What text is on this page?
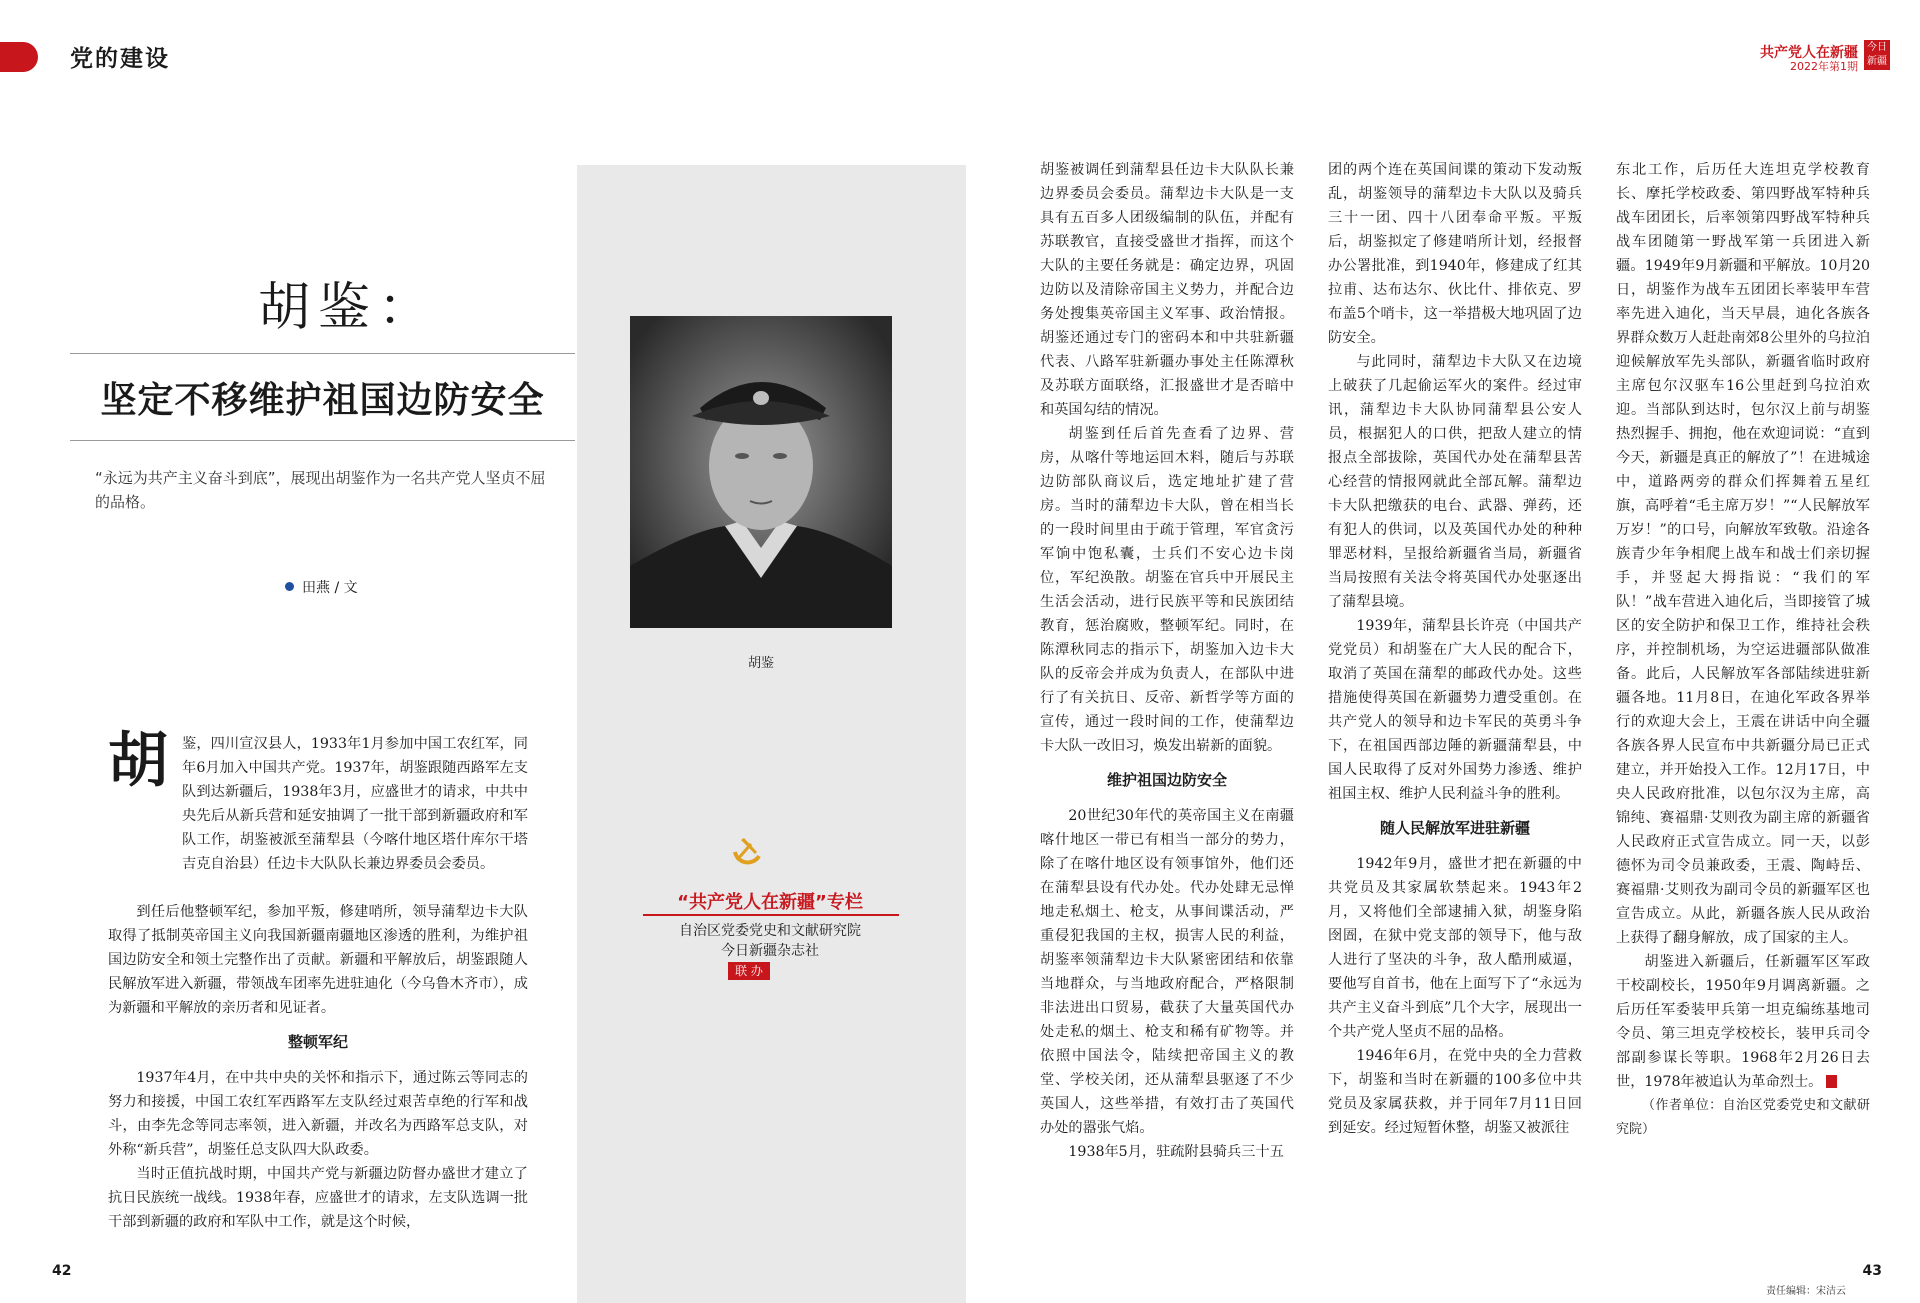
党的建设	共产党人在新疆
2022年第1期
今日
新疆
胡鉴：
坚定不移维护祖国边防安全
“永远为共产主义奋斗到底”，展现出胡鉴作为一名共产党人坚贞不屈的品格。
田燕 / 文
胡鉴
“共产党人在新疆”专栏
自治区党委党史和文献研究院
今日新疆杂志社
联 办
胡 鉴，四川宣汉县人，1933年1月参加中国工农红军，同年6月加入中国共产党。1937年，胡鉴跟随西路军左支队到达新疆后，1938年3月，应盛世才的请求，中共中央先后从新兵营和延安抽调了一批干部到新疆政府和军队工作，胡鉴被派至蒲犁县（今喀什地区塔什库尔干塔吉克自治县）任边卡大队队长兼边界委员会委员。

到任后他整顿军纪，参加平叛，修建哨所，领导蒲犁边卡大队取得了抵制英帝国主义向我国新疆南疆地区渗透的胜利，为维护祖国边防安全和领土完整作出了贡献。新疆和平解放后，胡鉴跟随人民解放军进入新疆，带领战车团率先进驻迪化（今乌鲁木齐市），成为新疆和平解放的亲历者和见证者。

整顿军纪

1937年4月，在中共中央的关怀和指示下，通过陈云等同志的努力和接援，中国工农红军西路军左支队经过艰苦卓绝的行军和战斗，由李先念等同志率领，进入新疆，并改名为西路军总支队，对外称“新兵营”，胡鉴任总支队四大队政委。

当时正值抗战时期，中国共产党与新疆边防督办盛世才建立了抗日民族统一战线。1938年春，应盛世才的请求，左支队选调一批干部到新疆的政府和军队中工作，就是这个时候，

胡鉴被调任到蒲犁县任边卡大队队长兼边界委员会委员。蒲犁边卡大队是一支具有五百多人团级编制的队伍，并配有苏联教官，直接受盛世才指挥，而这个大队的主要任务就是：确定边界，巩固边防以及清除帝国主义势力，并配合边务处搜集英帝国主义军事、政治情报。胡鉴还通过专门的密码本和中共驻新疆代表、八路军驻新疆办事处主任陈潭秋及苏联方面联络，汇报盛世才是否暗中和英国勾结的情况。

胡鉴到任后首先查看了边界、营房，从喀什等地运回木料，随后与苏联边防部队商议后，选定地址扩建了营房。当时的蒲犁边卡大队，曾在相当长的一段时间里由于疏于管理，军官贪污军饷中饱私囊，士兵们不安心边卡岗位，军纪涣散。胡鉴在官兵中开展民主生活会活动，进行民族平等和民族团结教育，惩治腐败，整顿军纪。同时，在陈潭秋同志的指示下，胡鉴加入边卡大队的反帝会并成为负责人，在部队中进行了有关抗日、反帝、新哲学等方面的宣传，通过一段时间的工作，使蒲犁边卡大队一改旧习，焕发出崭新的面貌。

维护祖国边防安全

20世纪30年代的英帝国主义在南疆喀什地区一带已有相当一部分的势力，除了在喀什地区设有领事馆外，他们还在蒲犁县设有代办处。代办处肆无忌惮地走私烟土、枪支，从事间谍活动，严重侵犯我国的主权，损害人民的利益，胡鉴率领蒲犁边卡大队紧密团结和依靠当地群众，与当地政府配合，严格限制非法进出口贸易，截获了大量英国代办处走私的烟土、枪支和稀有矿物等。并依照中国法令，陆续把帝国主义的教堂、学校关闭，还从蒲犁县驱逐了不少英国人，这些举措，有效打击了英国代办处的嚣张气焰。

1938年5月，驻疏附县骑兵三十五

团的两个连在英国间谍的策动下发动叛乱，胡鉴领导的蒲犁边卡大队以及骑兵三十一团、四十八团奉命平叛。平叛后，胡鉴拟定了修建哨所计划，经报督办公署批准，到1940年，修建成了红其拉甫、达布达尔、伙比什、排依克、罗布盖5个哨卡，这一举措极大地巩固了边防安全。

与此同时，蒲犁边卡大队又在边境上破获了几起偷运军火的案件。经过审讯，蒲犁边卡大队协同蒲犁县公安人员，根据犯人的口供，把敌人建立的情报点全部拔除，英国代办处在蒲犁县苦心经营的情报网就此全部瓦解。蒲犁边卡大队把缴获的电台、武器、弹药，还有犯人的供词，以及英国代办处的种种罪恶材料，呈报给新疆省当局，新疆省当局按照有关法令将英国代办处驱逐出了蒲犁县境。

1939年，蒲犁县长许亮（中国共产党党员）和胡鉴在广大人民的配合下，取消了英国在蒲犁的邮政代办处。这些措施使得英国在新疆势力遭受重创。在共产党人的领导和边卡军民的英勇斗争下，在祖国西部边陲的新疆蒲犁县，中国人民取得了反对外国势力渗透、维护祖国主权、维护人民利益斗争的胜利。

随人民解放军进驻新疆

1942年9月，盛世才把在新疆的中共党员及其家属软禁起来。1943年2月，又将他们全部逮捕入狱，胡鉴身陷囹圄，在狱中党支部的领导下，他与敌人进行了坚决的斗争，敌人酷刑威逼，要他写自首书，他在上面写下了“永远为共产主义奋斗到底”几个大字，展现出一个共产党人坚贞不屈的品格。

1946年6月，在党中央的全力营救下，胡鉴和当时在新疆的100多位中共党员及家属获救，并于同年7月11日回到延安。经过短暂休整，胡鉴又被派往

东北工作，后历任大连坦克学校教育长、摩托学校政委、第四野战军特种兵战车团团长，后率领第四野战军特种兵战车团随第一野战军第一兵团进入新疆。1949年9月新疆和平解放。10月20日，胡鉴作为战车五团团长率装甲车营率先进入迪化，当天早晨，迪化各族各界群众数万人赶赴南郊8公里外的乌拉泊迎候解放军先头部队，新疆省临时政府主席包尔汉驱车16公里赶到乌拉泊欢迎。当部队到达时，包尔汉上前与胡鉴热烈握手、拥抱，他在欢迎词说：“直到今天，新疆是真正的解放了”！在进城途中，道路两旁的群众们挥舞着五星红旗，高呼着“毛主席万岁！”“人民解放军万岁！”的口号，向解放军致敬。沿途各族青少年争相爬上战车和战士们亲切握手，并竖起大拇指说：“我们的军队！”战车营进入迪化后，当即接管了城区的安全防护和保卫工作，维持社会秩序，并控制机场，为空运进疆部队做准备。此后，人民解放军各部陆续进驻新疆各地。11月8日，在迪化军政各界举行的欢迎大会上，王震在讲话中向全疆各族各界人民宣布中共新疆分局已正式建立，并开始投入工作。12月17日，中央人民政府批准，以包尔汉为主席，高锦纯、赛福鼎·艾则孜为副主席的新疆省人民政府正式宣告成立。同一天，以彭德怀为司令员兼政委，王震、陶峙岳、赛福鼎·艾则孜为副司令员的新疆军区也宣告成立。从此，新疆各族人民从政治上获得了翻身解放，成了国家的主人。

胡鉴进入新疆后，任新疆军区军政干校副校长，1950年9月调离新疆。之后历任军委装甲兵第一坦克编练基地司令员、第三坦克学校校长，装甲兵司令部副参谋长等职。1968年2月26日去世，1978年被追认为革命烈士。

（作者单位：自治区党委党史和文献研究院）

42	43
责任编辑：宋洁云
